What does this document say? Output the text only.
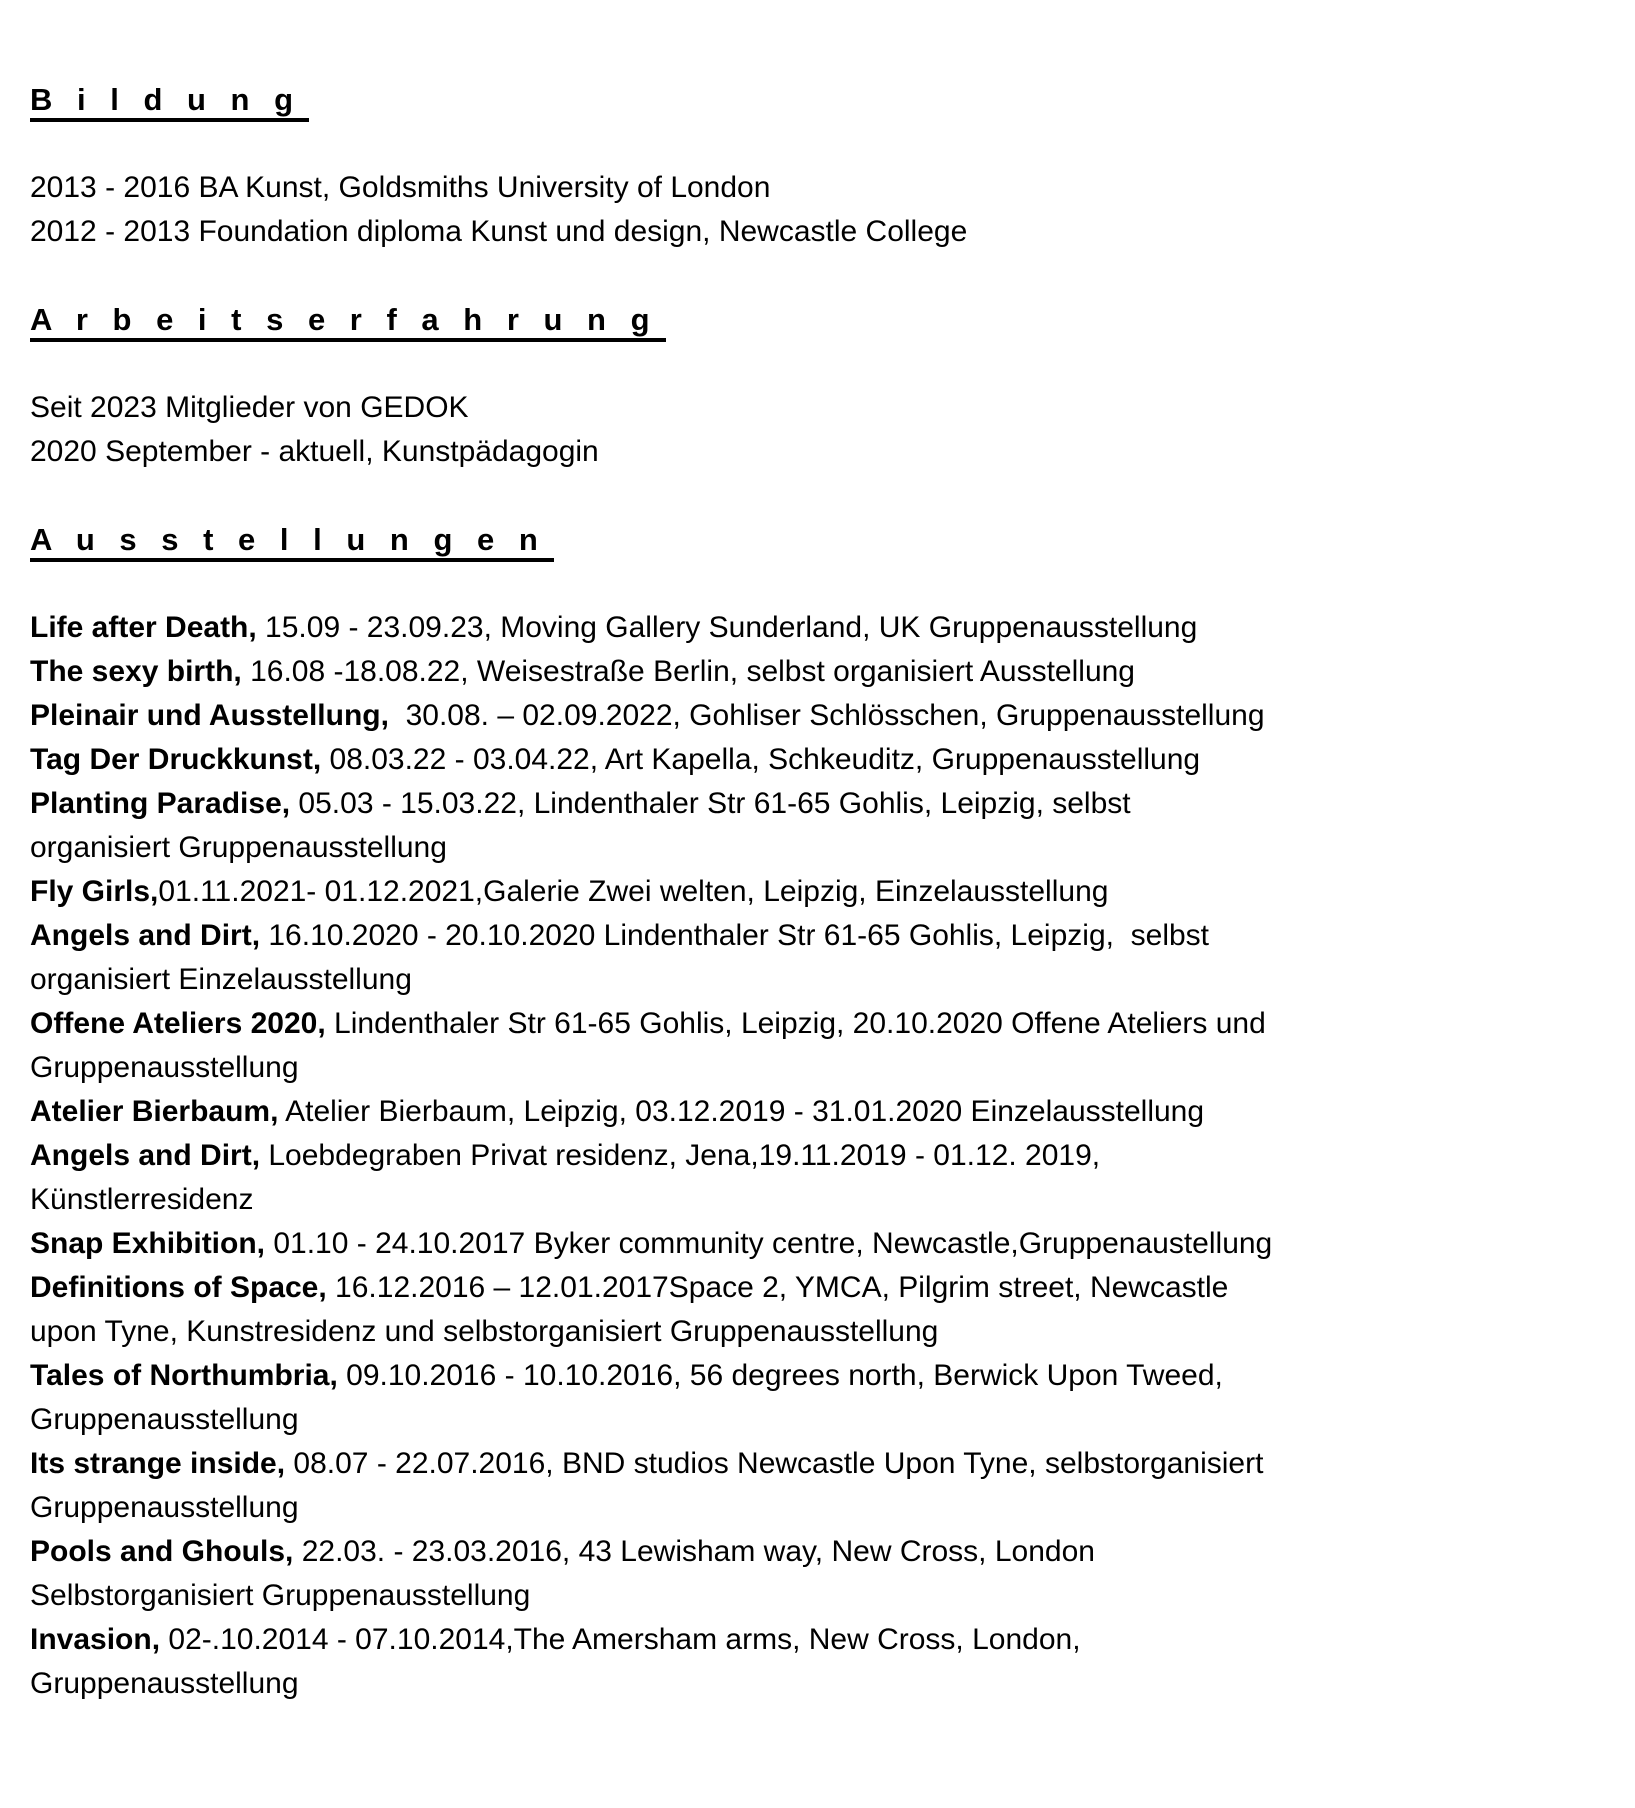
B i l d u n g

2013 - 2016 BA Kunst, Goldsmiths University of London

2012 - 2013 Foundation diploma Kunst und design, Newcastle College

A r b e i t s e r f a h r u n g

Seit 2023 Mitglieder von GEDOK

2020 September - aktuell, Kunstpädagogin

A u s s t e l l u n g e n
Life after Death, 15.09 - 23.09.23, Moving Gallery Sunderland, UK Gruppenausstellung
The sexy birth, 16.08 -18.08.22, Weisestraße Berlin, selbst organisiert Ausstellung
Pleinair und Ausstellung,  30.08. – 02.09.2022, Gohliser Schlösschen, Gruppenausstellung
Tag Der Druckkunst, 08.03.22 - 03.04.22, Art Kapella, Schkeuditz, Gruppenausstellung
Planting Paradise, 05.03 - 15.03.22, Lindenthaler Str 61-65 Gohlis, Leipzig, selbst
organisiert Gruppenausstellung
Fly Girls,01.11.2021- 01.12.2021,Galerie Zwei welten, Leipzig, Einzelausstellung
Angels and Dirt, 16.10.2020 - 20.10.2020 Lindenthaler Str 61-65 Gohlis, Leipzig,  selbst
organisiert Einzelausstellung
Offene Ateliers 2020, Lindenthaler Str 61-65 Gohlis, Leipzig, 20.10.2020 Offene Ateliers und
Gruppenausstellung
Atelier Bierbaum, Atelier Bierbaum, Leipzig, 03.12.2019 - 31.01.2020 Einzelausstellung
Angels and Dirt, Loebdegraben Privat residenz, Jena,19.11.2019 - 01.12. 2019,
Künstlerresidenz
Snap Exhibition, 01.10 - 24.10.2017 Byker community centre, Newcastle,Gruppenaustellung
Definitions of Space, 16.12.2016 – 12.01.2017Space 2, YMCA, Pilgrim street, Newcastle
upon Tyne, Kunstresidenz und selbstorganisiert Gruppenausstellung
Tales of Northumbria, 09.10.2016 - 10.10.2016, 56 degrees north, Berwick Upon Tweed,
Gruppenausstellung
Its strange inside, 08.07 - 22.07.2016, BND studios Newcastle Upon Tyne, selbstorganisiert
Gruppenausstellung
Pools and Ghouls, 22.03. - 23.03.2016, 43 Lewisham way, New Cross, London
Selbstorganisiert Gruppenausstellung
Invasion, 02-.10.2014 - 07.10.2014,The Amersham arms, New Cross, London,
Gruppenausstellung
